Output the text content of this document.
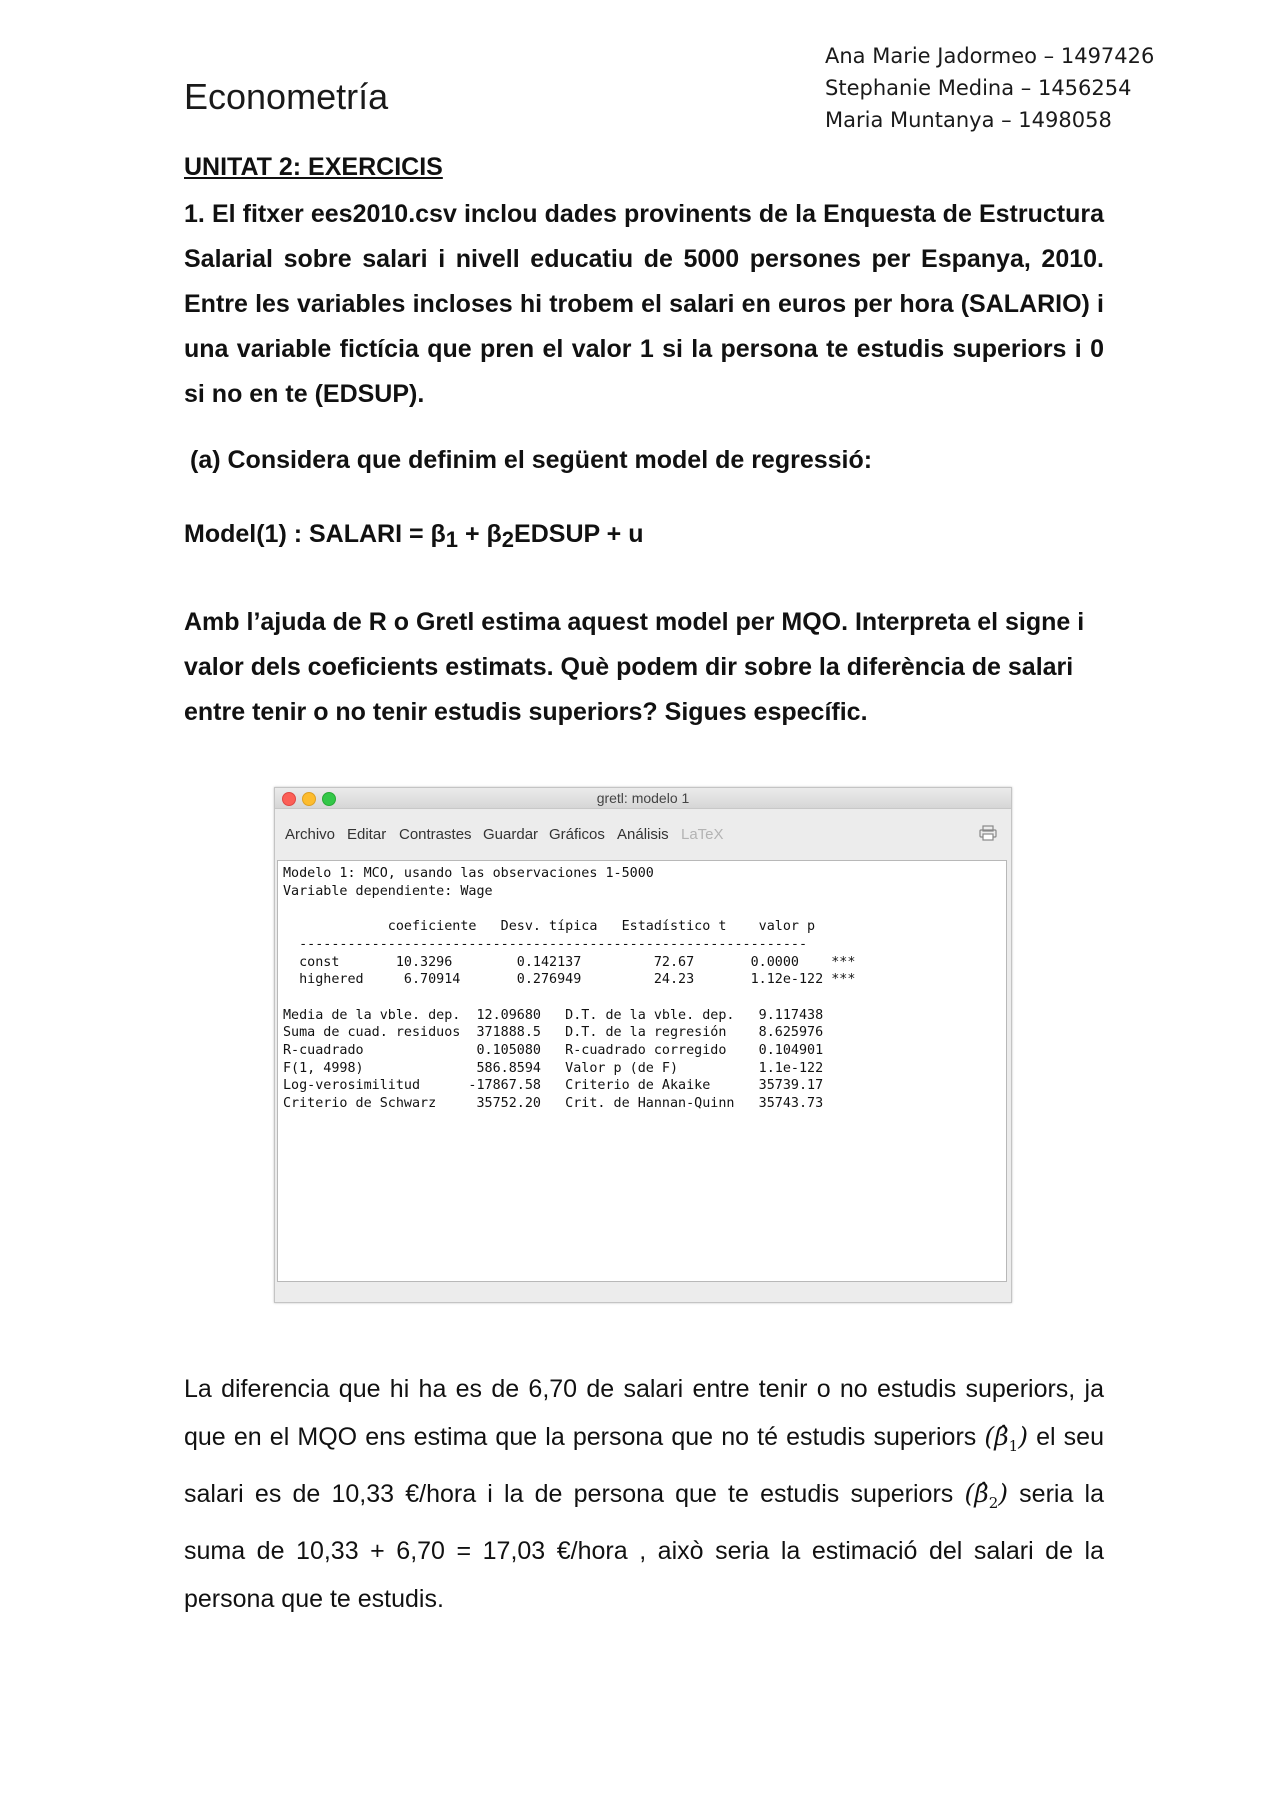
Ana Marie Jadormeo – 1497426
Stephanie Medina – 1456254
Maria Muntanya – 1498058
Econometría
UNITAT 2: EXERCICIS
1. El fitxer ees2010.csv inclou dades provinents de la Enquesta de Estructura Salarial sobre salari i nivell educatiu de 5000 persones per Espanya, 2010. Entre les variables incloses hi trobem el salari en euros per hora (SALARIO) i una variable fictícia que pren el valor 1 si la persona te estudis superiors i 0 si no en te (EDSUP).
(a) Considera que definim el següent model de regressió:
Model(1) : SALARI = $\beta_1$ + $\beta_2EDSUP + u$
Amb l’ajuda de R o Gretl estima aquest model per MQO. Interpreta el signe i valor dels coeficients estimats. Què podem dir sobre la diferència de salari entre tenir o no tenir estudis superiors? Sigues específic.
gretl: modelo 1
Archivo Editar Contrastes Guardar Gráficos Análisis LaTeX
Modelo 1: MCO, usando las observaciones 1-5000
Variable dependiente: Wage

coeficiente   Desv. típica   Estadístico t    valor p
---------------------------------------------------------------
const       10.3296        0.142137         72.67       0.0000    ***
highered     6.70914       0.276949         24.23       1.12e-122 ***

Media de la vble. dep.  12.09680   D.T. de la vble. dep.   9.117438
Suma de cuad. residuos  371888.5   D.T. de la regresión    8.625976
R-cuadrado              0.105080   R-cuadrado corregido    0.104901
F(1, 4998)              586.8594   Valor p (de F)          1.1e-122
Log-verosimilitud      -17867.58   Criterio de Akaike      35739.17
Criterio de Schwarz     35752.20   Crit. de Hannan-Quinn   35743.73
La diferencia que hi ha es de 6,70 de salari entre tenir o no estudis superiors, ja que en el MQO ens estima que la persona que no té estudis superiors $(\betâ_1)$ el seu salari es de 10,33 €/hora i la de persona que te estudis superiors $(\betâ_2)$ seria la suma de 10,33 + 6,70 = 17,03 €/hora , això seria la estimació del salari de la persona que te estudis.
